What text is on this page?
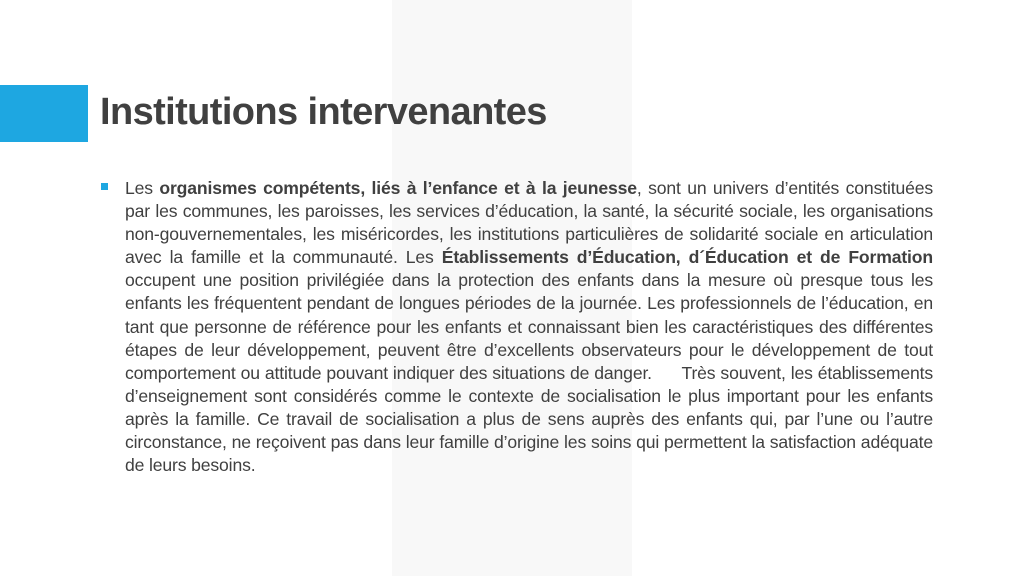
Institutions intervenantes
Les organismes compétents, liés à l’enfance et à la jeunesse, sont un univers d’entités constituées par les communes, les paroisses, les services d’éducation, la santé, la sécurité sociale, les organisations non-gouvernementales, les miséricordes, les institutions particulières de solidarité sociale en articulation avec la famille et la communauté. Les Établissements d’Éducation, d´Éducation et de Formation occupent une position privilégiée dans la protection des enfants dans la mesure où presque tous les enfants les fréquentent pendant de longues périodes de la journée. Les professionnels de l’éducation, en tant que personne de référence pour les enfants et connaissant bien les caractéristiques des différentes étapes de leur développement, peuvent être d’excellents observateurs pour le développement de tout comportement ou attitude pouvant indiquer des situations de danger.      Très souvent, les établissements d’enseignement sont considérés comme le contexte de socialisation le plus important pour les enfants après la famille. Ce travail de socialisation a plus de sens auprès des enfants qui, par l’une ou l’autre circonstance, ne reçoivent pas dans leur famille d’origine les soins qui permettent la satisfaction adéquate de leurs besoins.
